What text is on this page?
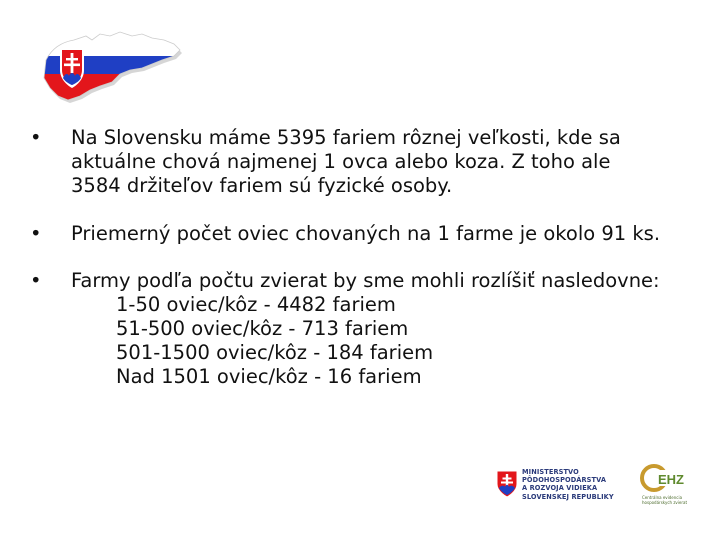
• Na Slovensku máme 5395 fariem rôznej veľkosti, kde sa
aktuálne chová najmenej 1 ovca alebo koza. Z toho ale
3584 držiteľov fariem sú fyzické osoby.

• Priemerný počet oviec chovaných na 1 farme je okolo 91 ks.

• Farmy podľa počtu zvierat by sme mohli rozlíšiť nasledovne:
1-50 oviec/kôz - 4482 fariem
51-500 oviec/kôz - 713 fariem
501-1500 oviec/kôz - 184 fariem
Nad 1501 oviec/kôz - 16 fariem

MINISTERSTVO
PÔDOHOSPODÁRSTVA
A ROZVOJA VIDIEKA
SLOVENSKEJ REPUBLIKY
EHZ
Centrálna evidencia
hospodárskych zvierat
